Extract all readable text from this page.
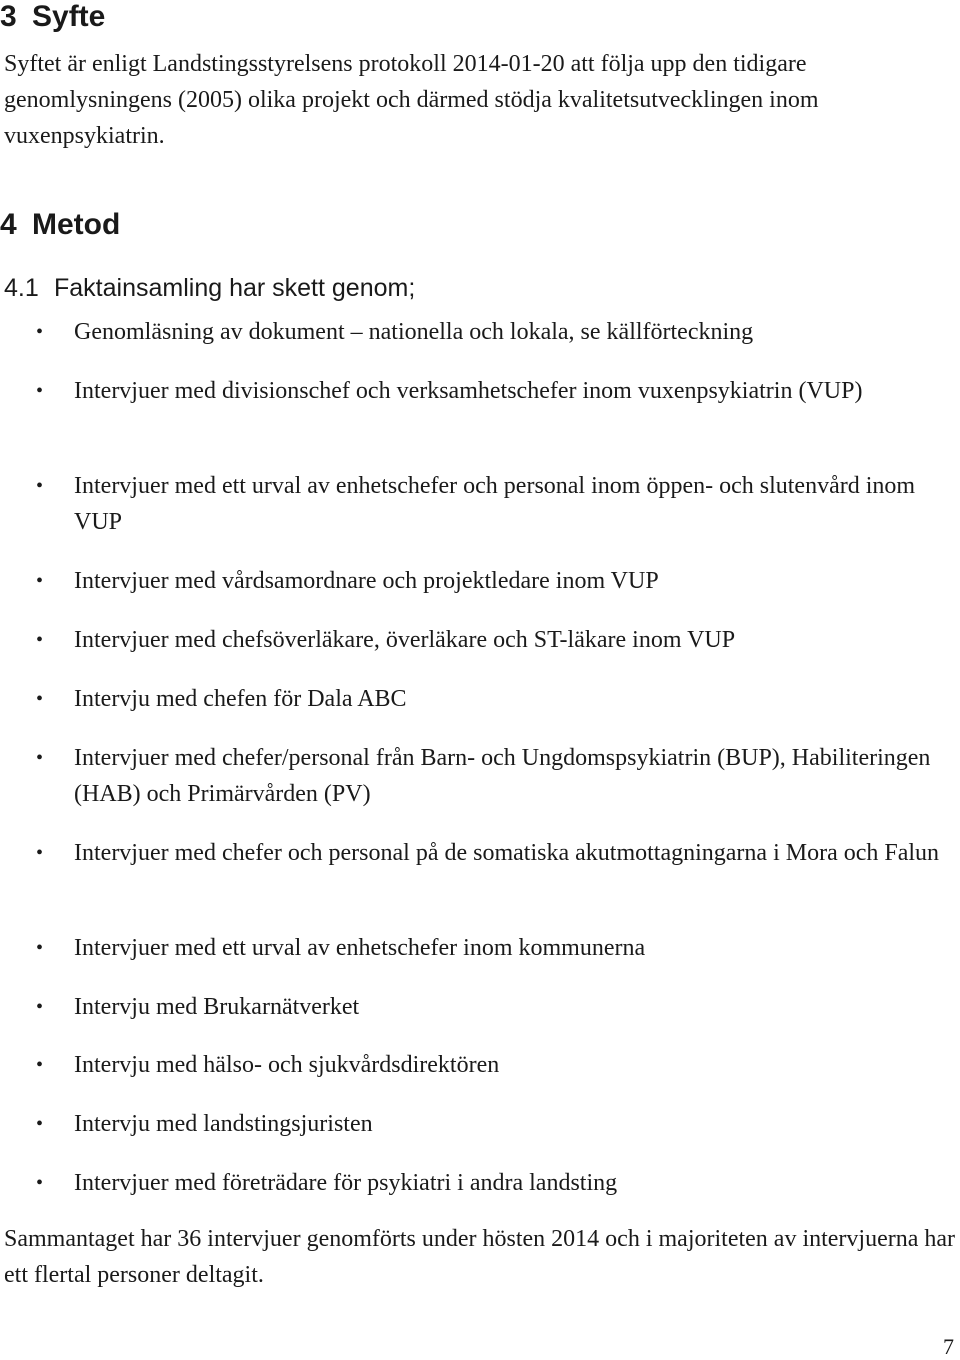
3 Syfte

Syftet är enligt Landstingsstyrelsens protokoll 2014-01-20 att följa upp den tidigare genomlysningens (2005) olika projekt och därmed stödja kvalitetsutvecklingen inom vuxenpsykiatrin.

4 Metod
4.1 Faktainsamling har skett genom;
• Genomläsning av dokument – nationella och lokala, se källförteckning
• Intervjuer med divisionschef och verksamhetschefer inom vuxenpsykiatrin (VUP)
• Intervjuer med ett urval av enhetschefer och personal inom öppen- och slutenvård inom VUP
• Intervjuer med vårdsamordnare och projektledare inom VUP
• Intervjuer med chefsöverläkare, överläkare och ST-läkare inom VUP
• Intervju med chefen för Dala ABC
• Intervjuer med chefer/personal från Barn- och Ungdomspsykiatrin (BUP), Habiliteringen (HAB) och Primärvården (PV)
• Intervjuer med chefer och personal på de somatiska akutmottagningarna i Mora och Falun
• Intervjuer med ett urval av enhetschefer inom kommunerna
• Intervju med Brukarnätverket
• Intervju med hälso- och sjukvårdsdirektören
• Intervju med landstingsjuristen
• Intervjuer med företrädare för psykiatri i andra landsting

Sammantaget har 36 intervjuer genomförts under hösten 2014 och i majoriteten av intervjuerna har ett flertal personer deltagit.

7
